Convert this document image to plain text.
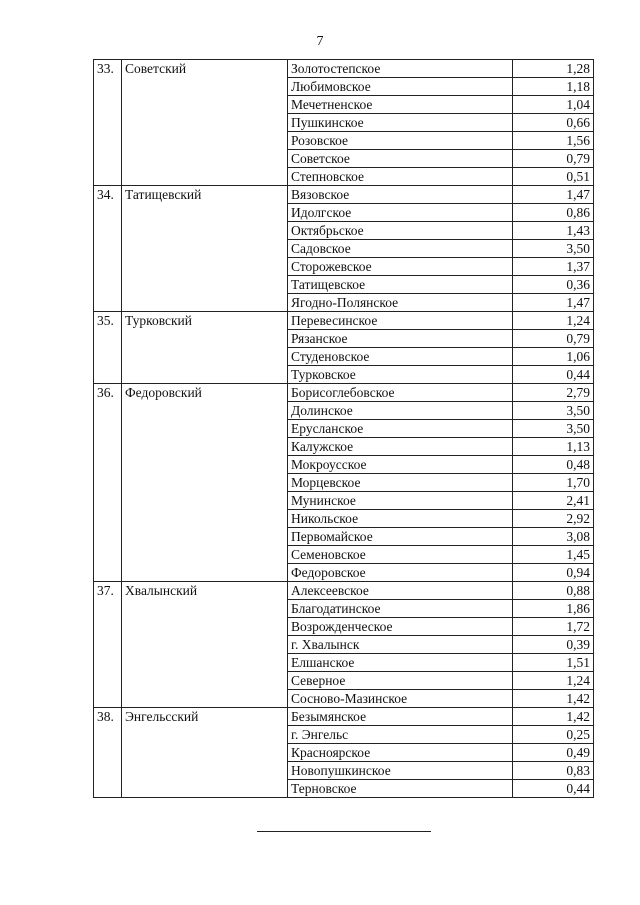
7
33.	Советский	Золотостепское	1,28
		Любимовское	1,18
		Мечетненское	1,04
		Пушкинское	0,66
		Розовское	1,56
		Советское	0,79
		Степновское	0,51
34.	Татищевский	Вязовское	1,47
		Идолгское	0,86
		Октябрьское	1,43
		Садовское	3,50
		Сторожевское	1,37
		Татищевское	0,36
		Ягодно-Полянское	1,47
35.	Турковский	Перевесинское	1,24
		Рязанское	0,79
		Студеновское	1,06
		Турковское	0,44
36.	Федоровский	Борисоглебовское	2,79
		Долинское	3,50
		Ерусланское	3,50
		Калужское	1,13
		Мокроусское	0,48
		Морцевское	1,70
		Мунинское	2,41
		Никольское	2,92
		Первомайское	3,08
		Семеновское	1,45
		Федоровское	0,94
37.	Хвалынский	Алексеевское	0,88
		Благодатинское	1,86
		Возрожденческое	1,72
		г. Хвалынск	0,39
		Елшанское	1,51
		Северное	1,24
		Сосново-Мазинское	1,42
38.	Энгельсский	Безымянское	1,42
		г. Энгельс	0,25
		Красноярское	0,49
		Новопушкинское	0,83
		Терновское	0,44
